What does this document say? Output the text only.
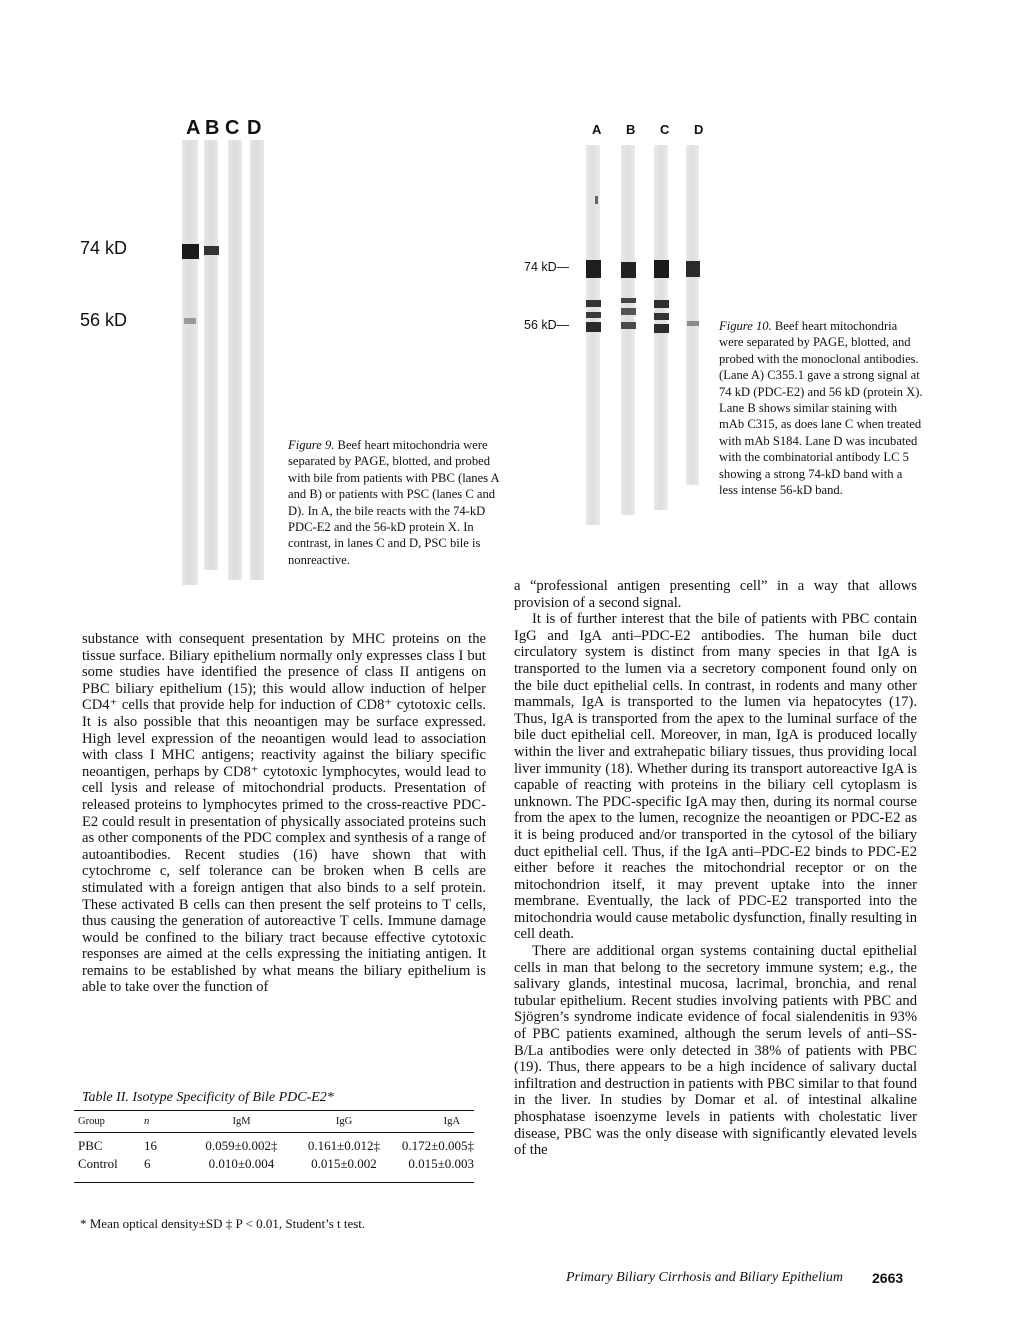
A B C D
74 kD
56 kD
Figure 9. Beef heart mitochondria were separated by PAGE, blotted, and probed with bile from patients with PBC (lanes A and B) or patients with PSC (lanes C and D). In A, the bile reacts with the 74-kD PDC-E2 and the 56-kD protein X. In contrast, in lanes C and D, PSC bile is nonreactive.
A B C D
74 kD—
56 kD—	Figure 10. Beef heart mitochondria were separated by PAGE, blotted, and probed with the monoclonal antibodies. (Lane A) C355.1 gave a strong signal at 74 kD (PDC-E2) and 56 kD (protein X). Lane B shows similar staining with mAb C315, as does lane C when treated with mAb S184. Lane D was incubated with the combinatorial antibody LC 5 showing a strong 74-kD band with a less intense 56-kD band.

substance with consequent presentation by MHC proteins on the tissue surface. Biliary epithelium normally only expresses class I but some studies have identified the presence of class II antigens on PBC biliary epithelium (15); this would allow induction of helper CD4⁺ cells that provide help for induction of CD8⁺ cytotoxic cells. It is also possible that this neoantigen may be surface expressed. High level expression of the neoantigen would lead to association with class I MHC antigens; reactivity against the biliary specific neoantigen, perhaps by CD8⁺ cytotoxic lymphocytes, would lead to cell lysis and release of mitochondrial products. Presentation of released proteins to lymphocytes primed to the cross-reactive PDC-E2 could result in presentation of physically associated proteins such as other components of the PDC complex and synthesis of a range of autoantibodies. Recent studies (16) have shown that with cytochrome c, self tolerance can be broken when B cells are stimulated with a foreign antigen that also binds to a self protein. These activated B cells can then present the self proteins to T cells, thus causing the generation of autoreactive T cells. Immune damage would be confined to the biliary tract because effective cytotoxic responses are aimed at the cells expressing the initiating antigen. It remains to be established by what means the biliary epithelium is able to take over the function of

Table II. Isotype Specificity of Bile PDC-E2*
Group	n	IgM	IgG	IgA
PBC	16	0.059±0.002‡	0.161±0.012‡	0.172±0.005‡
Control	6	0.010±0.004	0.015±0.002	0.015±0.003
* Mean optical density±SD ‡ P < 0.01, Student’s t test.

a “professional antigen presenting cell” in a way that allows provision of a second signal.

It is of further interest that the bile of patients with PBC contain IgG and IgA anti–PDC-E2 antibodies. The human bile duct circulatory system is distinct from many species in that IgA is transported to the lumen via a secretory component found only on the bile duct epithelial cells. In contrast, in rodents and many other mammals, IgA is transported to the lumen via hepatocytes (17). Thus, IgA is transported from the apex to the luminal surface of the bile duct epithelial cell. Moreover, in man, IgA is produced locally within the liver and extrahepatic biliary tissues, thus providing local liver immunity (18). Whether during its transport autoreactive IgA is capable of reacting with proteins in the biliary cell cytoplasm is unknown. The PDC-specific IgA may then, during its normal course from the apex to the lumen, recognize the neoantigen or PDC-E2 as it is being produced and/or transported in the cytosol of the biliary duct epithelial cell. Thus, if the IgA anti–PDC-E2 binds to PDC-E2 either before it reaches the mitochondrial receptor or on the mitochondrion itself, it may prevent uptake into the inner membrane. Eventually, the lack of PDC-E2 transported into the mitochondria would cause metabolic dysfunction, finally resulting in cell death.

There are additional organ systems containing ductal epithelial cells in man that belong to the secretory immune system; e.g., the salivary glands, intestinal mucosa, lacrimal, bronchia, and renal tubular epithelium. Recent studies involving patients with PBC and Sjögren’s syndrome indicate evidence of focal sialendenitis in 93% of PBC patients examined, although the serum levels of anti–SS-B/La antibodies were only detected in 38% of patients with PBC (19). Thus, there appears to be a high incidence of salivary ductal infiltration and destruction in patients with PBC similar to that found in the liver. In studies by Domar et al. of intestinal alkaline phosphatase isoenzyme levels in patients with cholestatic liver disease, PBC was the only disease with significantly elevated levels of the

Primary Biliary Cirrhosis and Biliary Epithelium 2663
